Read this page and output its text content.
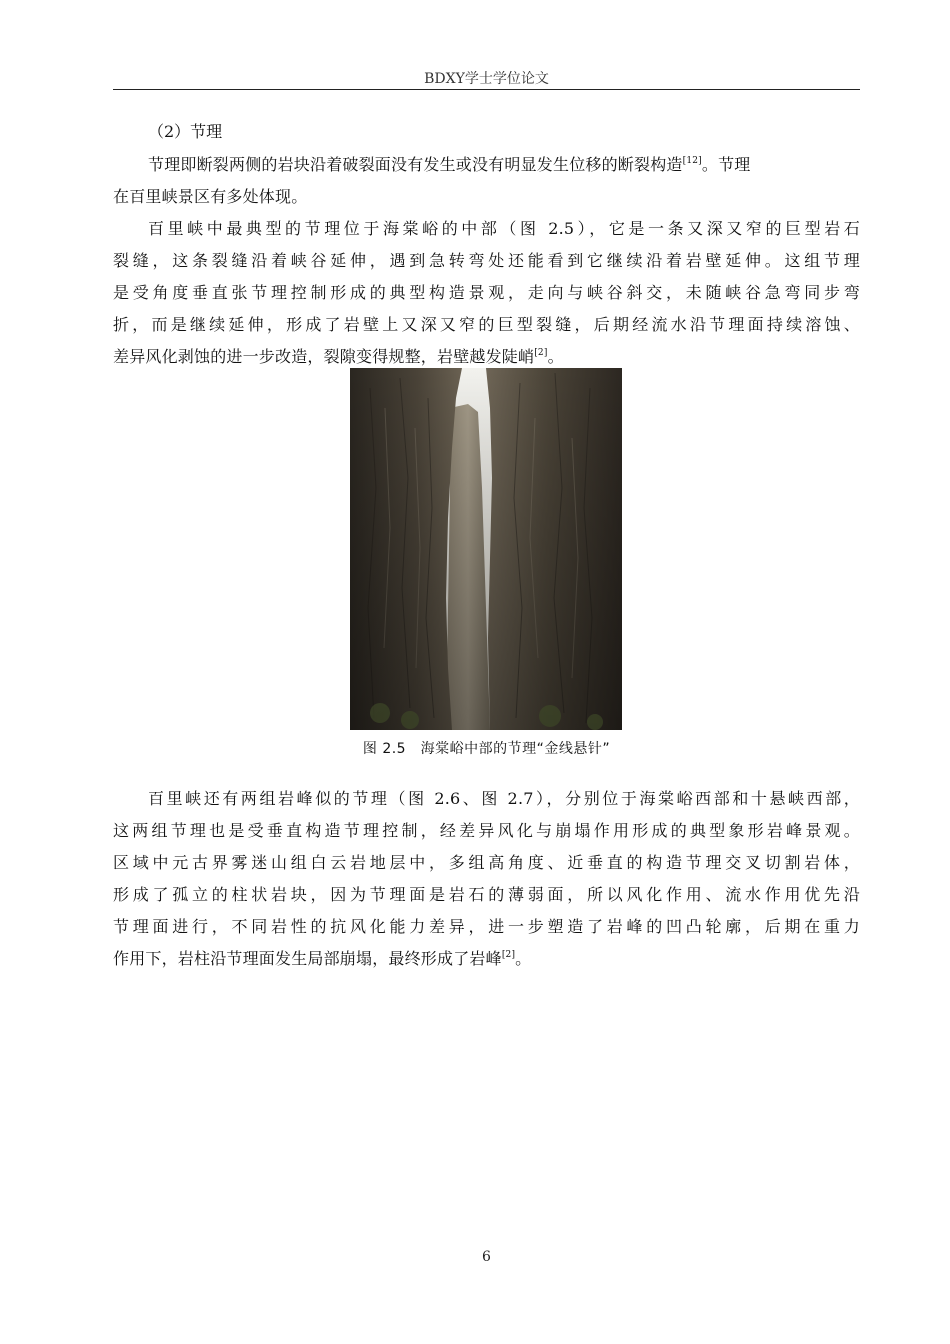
BDXY学士学位论文
（2）节理
节理即断裂两侧的岩块沿着破裂面没有发生或没有明显发生位移的断裂构造[12]。节理
在百里峡景区有多处体现。
百里峡中最典型的节理位于海棠峪的中部（图 2.5），它是一条又深又窄的巨型岩石
裂缝，这条裂缝沿着峡谷延伸，遇到急转弯处还能看到它继续沿着岩壁延伸。这组节理
是受角度垂直张节理控制形成的典型构造景观，走向与峡谷斜交，未随峡谷急弯同步弯
折，而是继续延伸，形成了岩壁上又深又窄的巨型裂缝，后期经流水沿节理面持续溶蚀、
差异风化剥蚀的进一步改造，裂隙变得规整，岩壁越发陡峭[2]。
图 2.5　海棠峪中部的节理“金线悬针”
百里峡还有两组岩峰似的节理（图 2.6、图 2.7），分别位于海棠峪西部和十悬峡西部，
这两组节理也是受垂直构造节理控制，经差异风化与崩塌作用形成的典型象形岩峰景观。
区域中元古界雾迷山组白云岩地层中，多组高角度、近垂直的构造节理交叉切割岩体，
形成了孤立的柱状岩块，因为节理面是岩石的薄弱面，所以风化作用、流水作用优先沿
节理面进行，不同岩性的抗风化能力差异，进一步塑造了岩峰的凹凸轮廓，后期在重力
作用下，岩柱沿节理面发生局部崩塌，最终形成了岩峰[2]。
6
